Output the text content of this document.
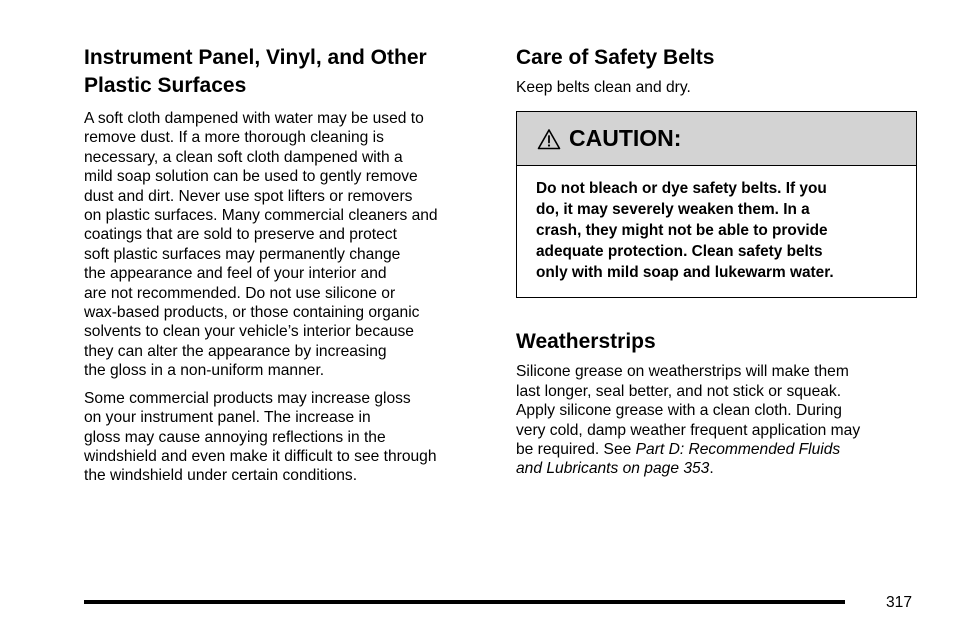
Instrument Panel, Vinyl, and Other
Plastic Surfaces

A soft cloth dampened with water may be used to
remove dust. If a more thorough cleaning is
necessary, a clean soft cloth dampened with a
mild soap solution can be used to gently remove
dust and dirt. Never use spot lifters or removers
on plastic surfaces. Many commercial cleaners and
coatings that are sold to preserve and protect
soft plastic surfaces may permanently change
the appearance and feel of your interior and
are not recommended. Do not use silicone or
wax-based products, or those containing organic
solvents to clean your vehicle’s interior because
they can alter the appearance by increasing
the gloss in a non-uniform manner.

Some commercial products may increase gloss
on your instrument panel. The increase in
gloss may cause annoying reflections in the
windshield and even make it difficult to see through
the windshield under certain conditions.

Care of Safety Belts

Keep belts clean and dry.

CAUTION:
Do not bleach or dye safety belts. If you
do, it may severely weaken them. In a
crash, they might not be able to provide
adequate protection. Clean safety belts
only with mild soap and lukewarm water.
Weatherstrips

Silicone grease on weatherstrips will make them
last longer, seal better, and not stick or squeak.
Apply silicone grease with a clean cloth. During
very cold, damp weather frequent application may
be required. See Part D: Recommended Fluids
and Lubricants on page 353.

317
